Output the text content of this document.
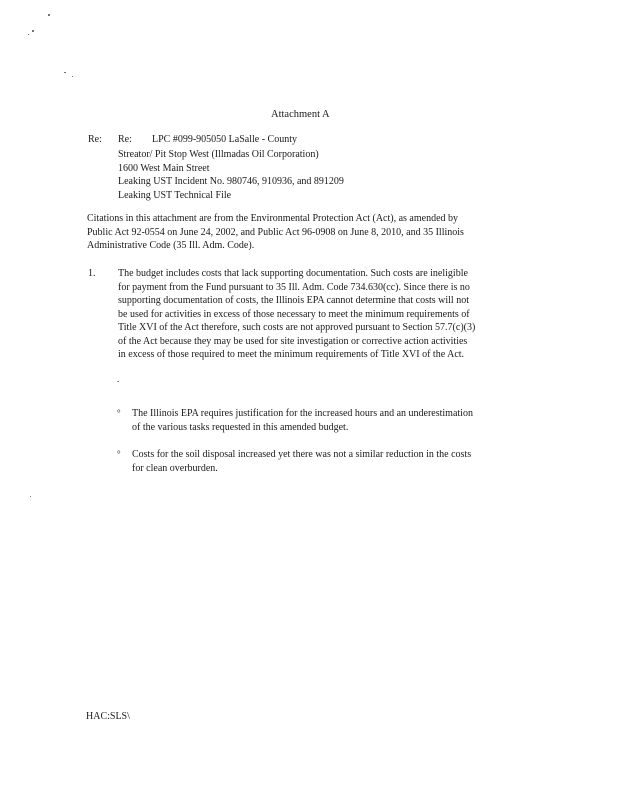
Attachment A
Re: Re: LPC #099-905050 LaSalle - County
Streator/ Pit Stop West (Illmadas Oil Corporation)
1600 West Main Street
Leaking UST Incident No. 980746, 910936, and 891209
Leaking UST Technical File
Citations in this attachment are from the Environmental Protection Act (Act), as amended by
Public Act 92-0554 on June 24, 2002, and Public Act 96-0908 on June 8, 2010, and 35 Illinois
Administrative Code (35 Ill. Adm. Code).
1. The budget includes costs that lack supporting documentation. Such costs are ineligible
for payment from the Fund pursuant to 35 Ill. Adm. Code 734.630(cc). Since there is no
supporting documentation of costs, the Illinois EPA cannot determine that costs will not
be used for activities in excess of those necessary to meet the minimum requirements of
Title XVI of the Act therefore, such costs are not approved pursuant to Section 57.7(c)(3)
of the Act because they may be used for site investigation or corrective action activities
in excess of those required to meet the minimum requirements of Title XVI of the Act.
.
° The Illinois EPA requires justification for the increased hours and an underestimation
of the various tasks requested in this amended budget.
° Costs for the soil disposal increased yet there was not a similar reduction in the costs
for clean overburden.
HAC:SLS\
